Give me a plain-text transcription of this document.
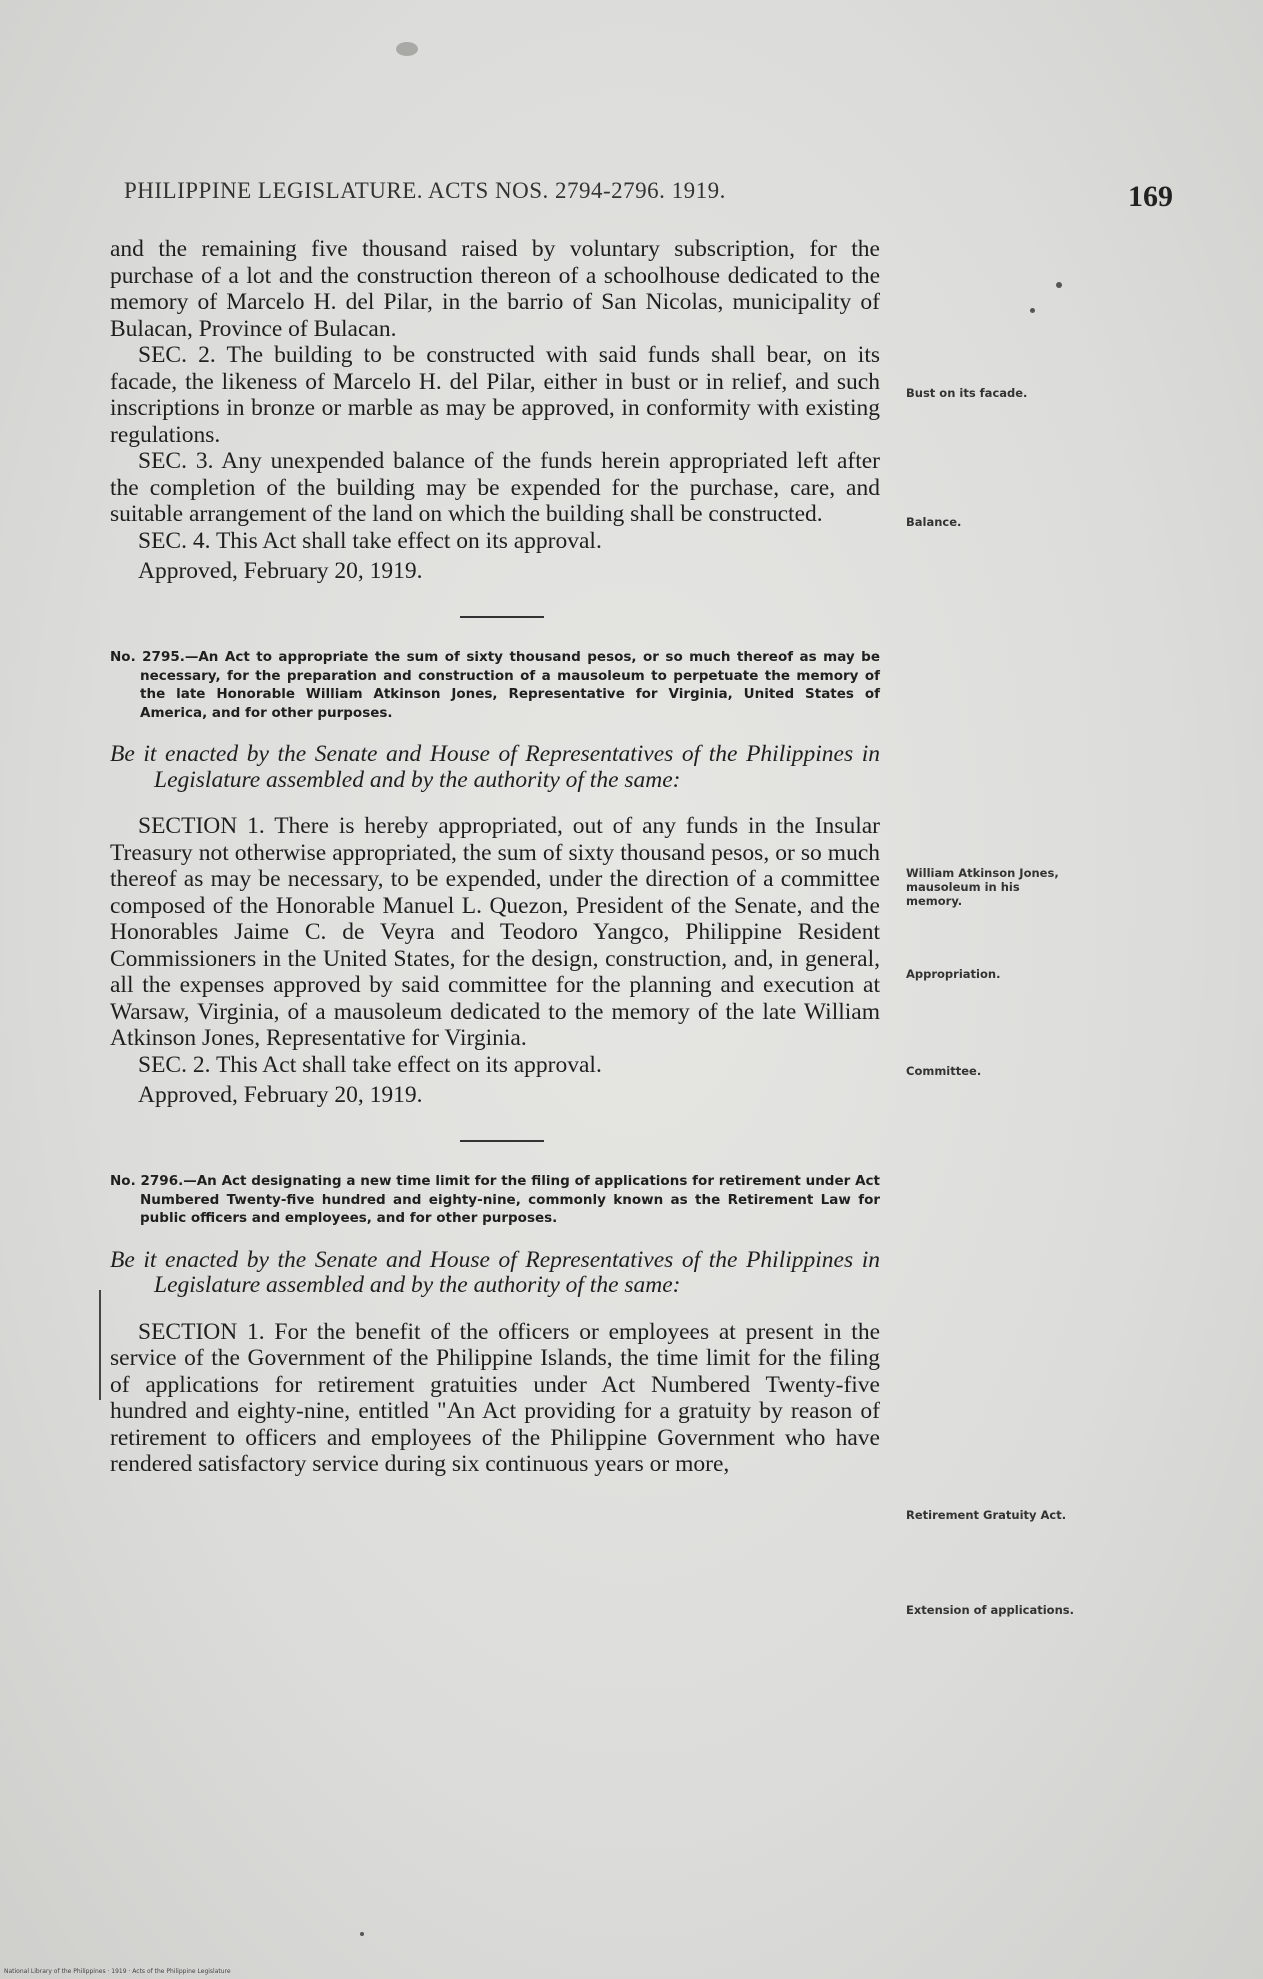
PHILIPPINE LEGISLATURE. ACTS NOS. 2794-2796. 1919.	169

and the remaining five thousand raised by voluntary subscription, for the purchase of a lot and the construction thereon of a schoolhouse dedicated to the memory of Marcelo H. del Pilar, in the barrio of San Nicolas, municipality of Bulacan, Province of Bulacan.

SEC. 2. The building to be constructed with said funds shall bear, on its facade, the likeness of Marcelo H. del Pilar, either in bust or in relief, and such inscriptions in bronze or marble as may be approved, in conformity with existing regulations.

SEC. 3. Any unexpended balance of the funds herein appropriated left after the completion of the building may be expended for the purchase, care, and suitable arrangement of the land on which the building shall be constructed.

SEC. 4. This Act shall take effect on its approval.

Approved, February 20, 1919.

No. 2795.—An Act to appropriate the sum of sixty thousand pesos, or so much thereof as may be necessary, for the preparation and construction of a mausoleum to perpetuate the memory of the late Honorable William Atkinson Jones, Representative for Virginia, United States of America, and for other purposes.

Be it enacted by the Senate and House of Representatives of the Philippines in Legislature assembled and by the authority of the same:

SECTION 1. There is hereby appropriated, out of any funds in the Insular Treasury not otherwise appropriated, the sum of sixty thousand pesos, or so much thereof as may be necessary, to be expended, under the direction of a committee composed of the Honorable Manuel L. Quezon, President of the Senate, and the Honorables Jaime C. de Veyra and Teodoro Yangco, Philippine Resident Commissioners in the United States, for the design, construction, and, in general, all the expenses approved by said committee for the planning and execution at Warsaw, Virginia, of a mausoleum dedicated to the memory of the late William Atkinson Jones, Representative for Virginia.

SEC. 2. This Act shall take effect on its approval.

Approved, February 20, 1919.

No. 2796.—An Act designating a new time limit for the filing of applications for retirement under Act Numbered Twenty-five hundred and eighty-nine, commonly known as the Retirement Law for public officers and employees, and for other purposes.

Be it enacted by the Senate and House of Representatives of the Philippines in Legislature assembled and by the authority of the same:

SECTION 1. For the benefit of the officers or employees at present in the service of the Government of the Philippine Islands, the time limit for the filing of applications for retirement gratuities under Act Numbered Twenty-five hundred and eighty-nine, entitled "An Act providing for a gratuity by reason of retirement to officers and employees of the Philippine Government who have rendered satisfactory service during six continuous years or more,

Bust on its facade.
Balance.
William Atkinson Jones, mausoleum in his memory.
Appropriation.
Committee.
Retirement Gratuity Act.
Extension of applications.
National Library of the Philippines · 1919 · Acts of the Philippine Legislature
